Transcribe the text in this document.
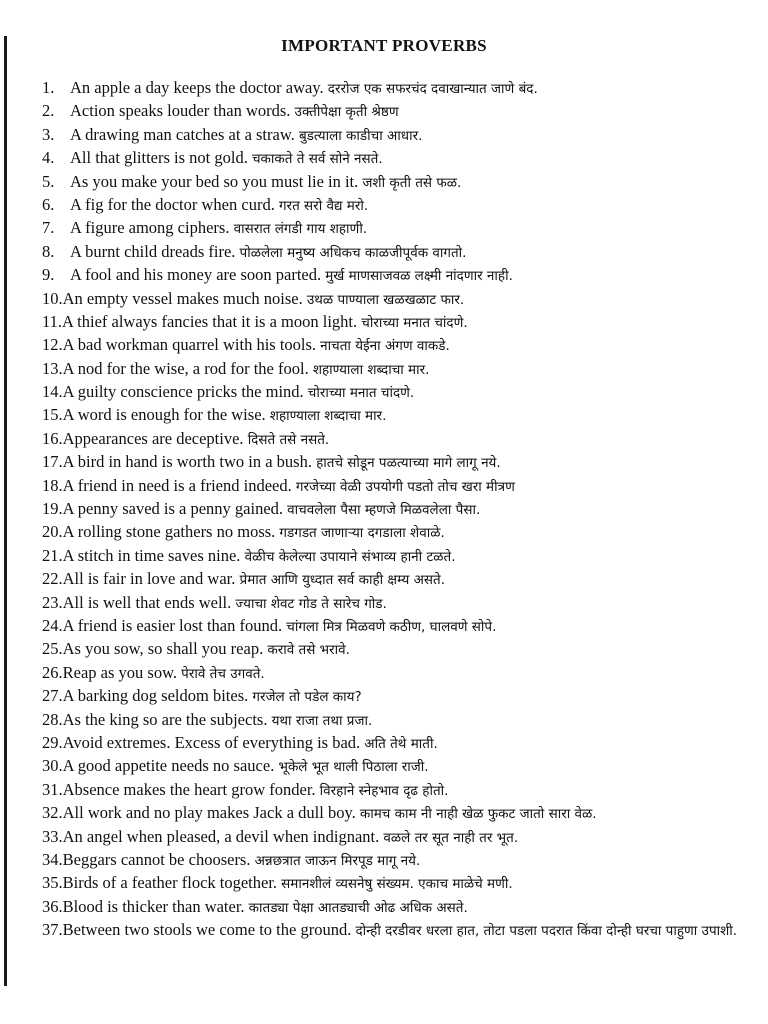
IMPORTANT PROVERBS
1. An apple a day keeps the doctor away. दररोज एक सफरचंद दवाखान्यात जाणे बंद.
2. Action speaks louder than words. उक्तीपेक्षा कृती श्रेष्ठण
3. A drawing man catches at a straw. बुडत्याला काडीचा आधार.
4. All that glitters is not gold. चकाकते ते सर्व सोने नसते.
5. As you make your bed so you must lie in it. जशी कृती तसे फळ.
6. A fig for the doctor when curd. गरत सरो वैद्य मरो.
7. A figure among ciphers. वासरात लंगडी गाय शहाणी.
8. A burnt child dreads fire. पोळलेला मनुष्य अधिकच काळजीपूर्वक वागतो.
9. A fool and his money are soon parted. मुर्ख माणसाजवळ लक्ष्मी नांदणार नाही.
10. An empty vessel makes much noise. उथळ पाण्याला खळखळाट फार.
11. A thief always fancies that it is a moon light. चोराच्या मनात चांदणे.
12. A bad workman quarrel with his tools. नाचता येईना अंगण वाकडे.
13. A nod for the wise, a rod for the fool. शहाण्याला शब्दाचा मार.
14. A guilty conscience pricks the mind. चोराच्या मनात चांदणे.
15. A word is enough for the wise. शहाण्याला शब्दाचा मार.
16. Appearances are deceptive. दिसते तसे नसते.
17. A bird in hand is worth two in a bush. हातचे सोडून पळत्याच्या मागे लागू नये.
18. A friend in need is a friend indeed. गरजेच्या वेळी उपयोगी पडतो तोच खरा मीत्रण
19. A penny saved is a penny gained. वाचवलेला पैसा म्हणजे मिळवलेला पैसा.
20. A rolling stone gathers no moss. गडगडत जाणाऱ्या दगडाला शेवाळे.
21. A stitch in time saves nine. वेळीच केलेल्या उपायाने संभाव्य हानी टळते.
22. All is fair in love and war. प्रेमात आणि युध्दात सर्व काही क्षम्य असते.
23. All is well that ends well. ज्याचा शेवट गोड ते सारेच गोड.
24. A friend is easier lost than found. चांगला मित्र मिळवणे कठीण, घालवणे सोपे.
25. As you sow, so shall you reap. करावे तसे भरावे.
26. Reap as you sow. पेरावे तेच उगवते.
27. A barking dog seldom bites. गरजेल तो पडेल काय?
28. As the king so are the subjects. यथा राजा तथा प्रजा.
29. Avoid extremes. Excess of everything is bad. अति तेथे माती.
30. A good appetite needs no sauce. भूकेले भूत थाली पिठाला राजी.
31. Absence makes the heart grow fonder. विरहाने स्नेहभाव दृढ होतो.
32. All work and no play makes Jack a dull boy. कामच काम नी नाही खेळ फुकट जातो सारा वेळ.
33. An angel when pleased, a devil when indignant. वळले तर सूत नाही तर भूत.
34. Beggars cannot be choosers. अन्नछत्रात जाऊन मिरपूड मागू नये.
35. Birds of a feather flock together. समानशीलं व्यसनेषु संख्यम. एकाच माळेचे मणी.
36. Blood is thicker than water. कातड्या पेक्षा आतड्याची ओढ अधिक असते.
37. Between two stools we come to the ground. दोन्ही दरडीवर धरला हात, तोटा पडला पदरात किंवा दोन्ही घरचा पाहुणा उपाशी.
